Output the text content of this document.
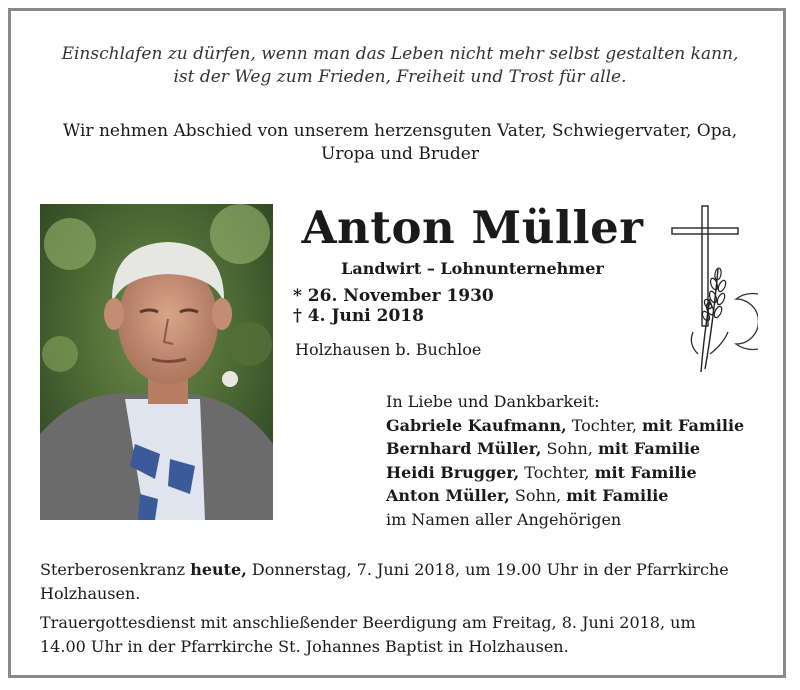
Einschlafen zu dürfen, wenn man das Leben nicht mehr selbst gestalten kann,
ist der Weg zum Frieden, Freiheit und Trost für alle.
Wir nehmen Abschied von unserem herzensguten Vater, Schwiegervater, Opa,
Uropa und Bruder
Anton Müller
Landwirt – Lohnunternehmer
* 26. November 1930  † 4. Juni 2018
Holzhausen b. Buchloe
In Liebe und Dankbarkeit:
Gabriele Kaufmann, Tochter, mit Familie
Bernhard Müller, Sohn, mit Familie
Heidi Brugger, Tochter, mit Familie
Anton Müller, Sohn, mit Familie
im Namen aller Angehörigen
Sterberosenkranz heute, Donnerstag, 7. Juni 2018, um 19.00 Uhr in der Pfarrkirche
Holzhausen.
Trauergottesdienst mit anschließender Beerdigung am Freitag, 8. Juni 2018, um
14.00 Uhr in der Pfarrkirche St. Johannes Baptist in Holzhausen.
